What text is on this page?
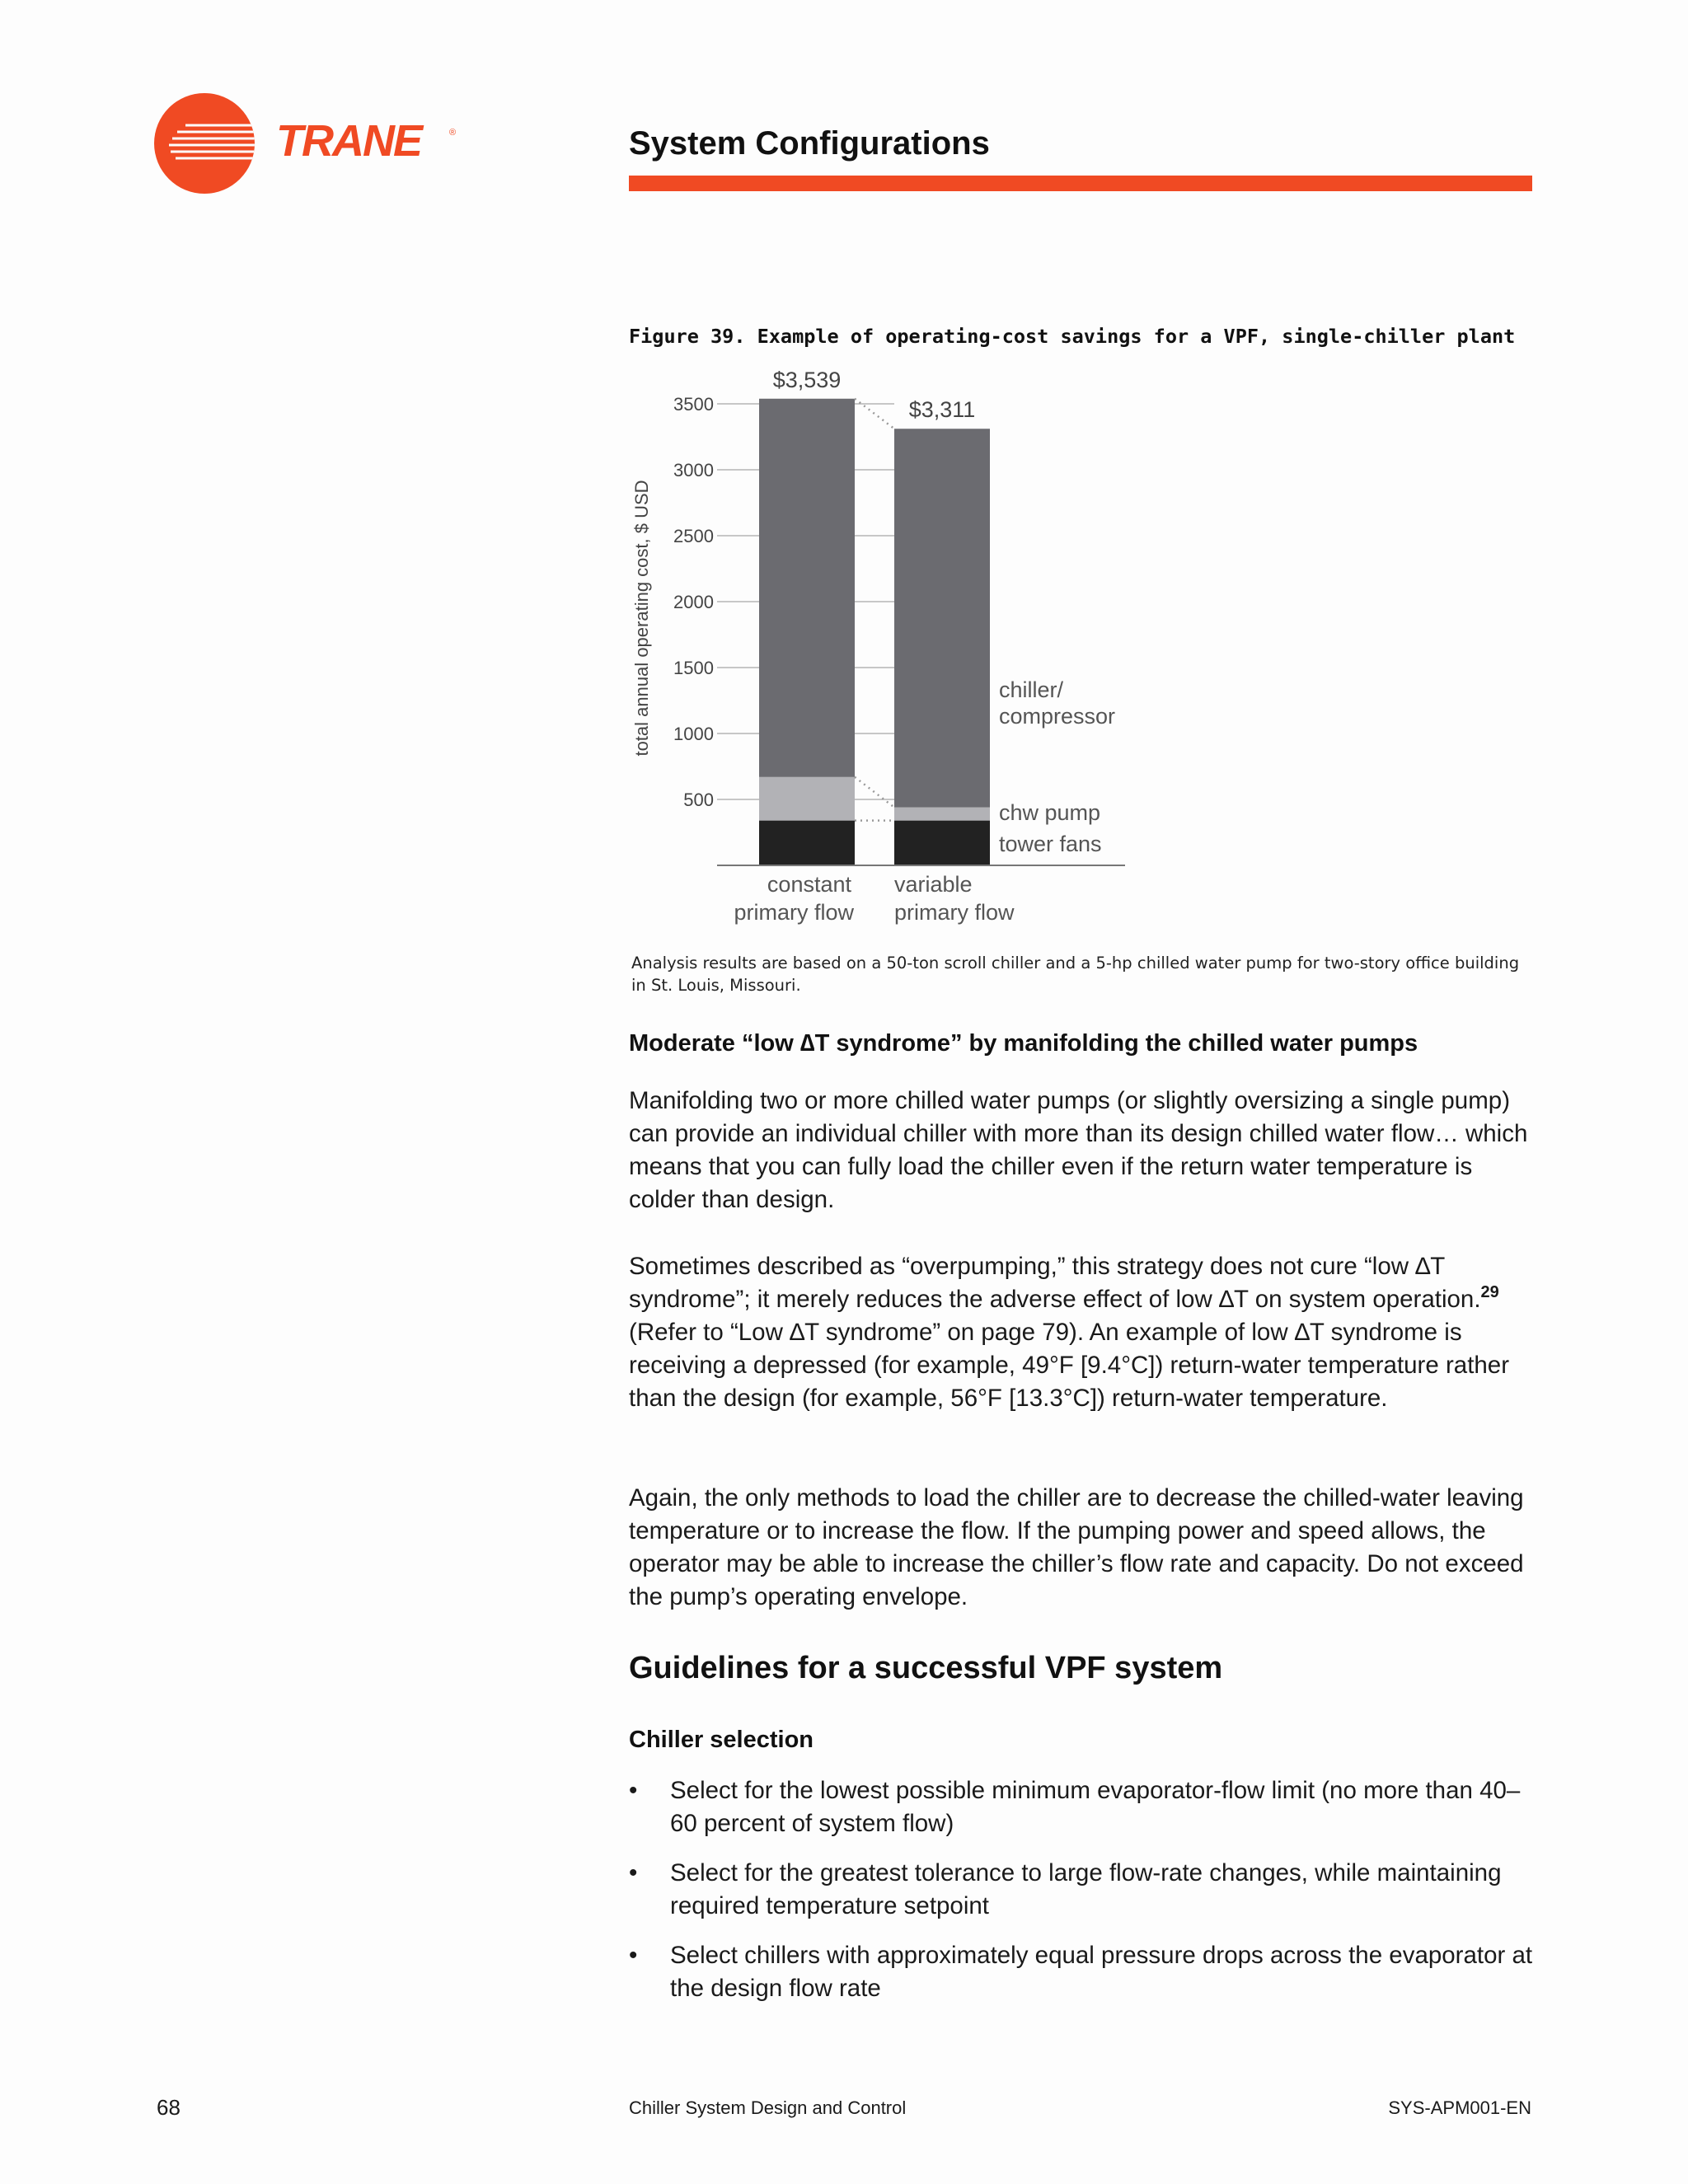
TRANE	®	System Configurations
Figure 39. Example of operating-cost savings for a VPF, single-chiller plant
500
1000
1500
2000
2500
3000
3500
$3,539
$3,311
constant
primary flow
variable
primary flow
tower fans
chw pump
chiller/
compressor
total annual operating cost, $ USD
Analysis results are based on a 50-ton scroll chiller and a 5-hp chilled water pump for two-story office building in St. Louis, Missouri.
Moderate “low ∆T syndrome” by manifolding the chilled water pumps
Manifolding two or more chilled water pumps (or slightly oversizing a single pump) can provide an individual chiller with more than its design chilled water flow… which means that you can fully load the chiller even if the return water temperature is colder than design.
Sometimes described as “overpumping,” this strategy does not cure “low ∆T syndrome”; it merely reduces the adverse effect of low ∆T on system operation.$^{29}$ (Refer to “Low ∆T syndrome” on page 79). An example of low ∆T syndrome is receiving a depressed (for example, 49°F [9.4°C]) return-water temperature rather than the design (for example, 56°F [13.3°C]) return-water temperature.
Again, the only methods to load the chiller are to decrease the chilled-water leaving temperature or to increase the flow. If the pumping power and speed allows, the operator may be able to increase the chiller’s flow rate and capacity. Do not exceed the pump’s operating envelope.
Guidelines for a successful VPF system
Chiller selection
•	Select for the lowest possible minimum evaporator-flow limit (no more than 40–60 percent of system flow)
•	Select for the greatest tolerance to large flow-rate changes, while maintaining required temperature setpoint
•	Select chillers with approximately equal pressure drops across the evaporator at the design flow rate
68	Chiller System Design and Control	SYS-APM001-EN
